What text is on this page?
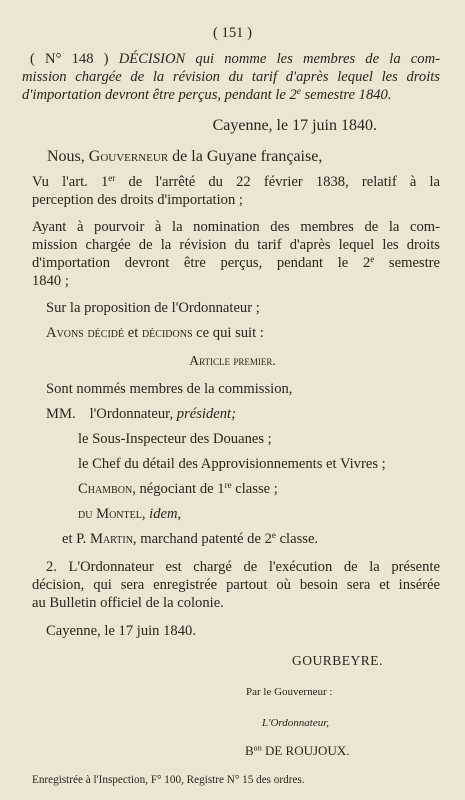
( 151 )
( N° 148 ) DÉCISION qui nomme les membres de la com-
mission chargée de la révision du tarif d'après lequel les droits
d'importation devront être perçus, pendant le 2e semestre 1840.
Cayenne, le 17 juin 1840.
Nous, Gouverneur de la Guyane française,
Vu l'art. 1er de l'arrêté du 22 février 1838, relatif à la
perception des droits d'importation ;
Ayant à pourvoir à la nomination des membres de la com-
mission chargée de la révision du tarif d'après lequel les droits
d'importation devront être perçus, pendant le 2e semestre
1840 ;
Sur la proposition de l'Ordonnateur ;
Avons décidé et décidons ce qui suit :
Article premier.
Sont nommés membres de la commission,
MM. l'Ordonnateur, président;
le Sous-Inspecteur des Douanes ;
le Chef du détail des Approvisionnements et Vivres ;
Chambon, négociant de 1re classe ;
du Montel, idem,
et P. Martin, marchand patenté de 2e classe.
2. L'Ordonnateur est chargé de l'exécution de la présente
décision, qui sera enregistrée partout où besoin sera et insérée
au Bulletin officiel de la colonie.
Cayenne, le 17 juin 1840.
GOURBEYRE.
Par le Gouverneur :
L'Ordonnateur,
$B^{on}$ DE ROUJOUX.
Enregistrée à l'Inspection, F° 100, Registre N° 15 des ordres.
